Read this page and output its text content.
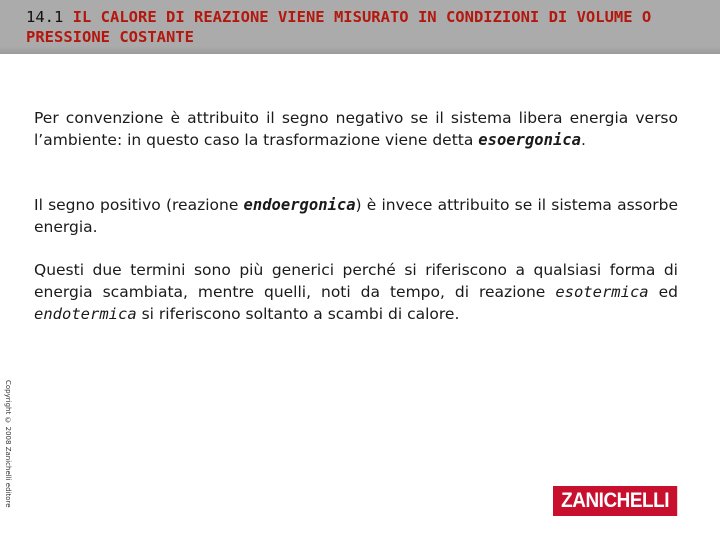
14.1 IL CALORE DI REAZIONE VIENE MISURATO IN CONDIZIONI DI VOLUME O PRESSIONE COSTANTE

Per convenzione è attribuito il segno negativo se il sistema libera energia verso l’ambiente: in questo caso la trasformazione viene detta esoergonica.

Il segno positivo (reazione endoergonica) è invece attribuito se il sistema assorbe energia.

Questi due termini sono più generici perché si riferiscono a qualsiasi forma di energia scambiata, mentre quelli, noti da tempo, di reazione esotermica ed endotermica si riferiscono soltanto a scambi di calore.

Copyright © 2008 Zanichelli editore	ZANICHELLI
